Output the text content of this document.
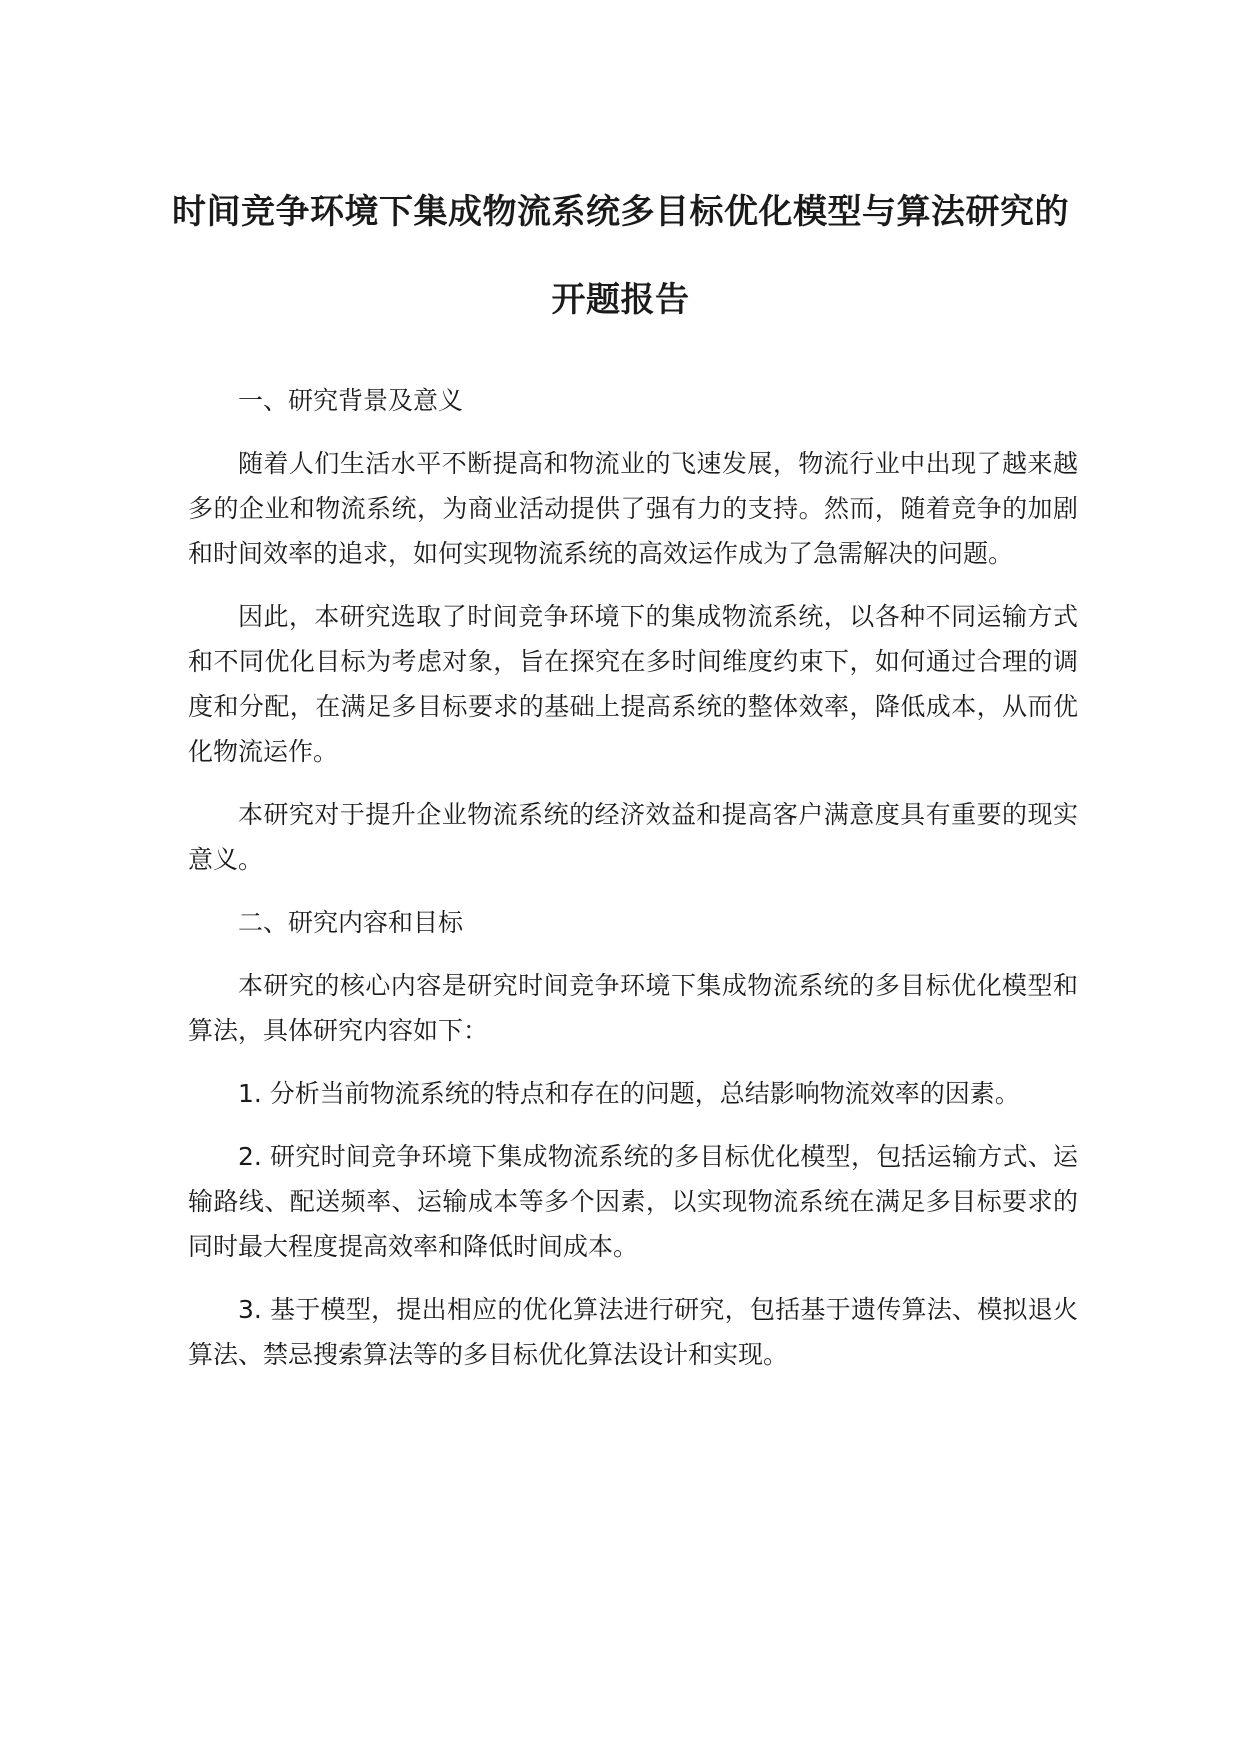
时间竞争环境下集成物流系统多目标优化模型与算法研究的开题报告

一、研究背景及意义

随着人们生活水平不断提高和物流业的飞速发展，物流行业中出现了越来越多的企业和物流系统，为商业活动提供了强有力的支持。然而，随着竞争的加剧和时间效率的追求，如何实现物流系统的高效运作成为了急需解决的问题。

因此，本研究选取了时间竞争环境下的集成物流系统，以各种不同运输方式和不同优化目标为考虑对象，旨在探究在多时间维度约束下，如何通过合理的调度和分配，在满足多目标要求的基础上提高系统的整体效率，降低成本，从而优化物流运作。

本研究对于提升企业物流系统的经济效益和提高客户满意度具有重要的现实意义。

二、研究内容和目标

本研究的核心内容是研究时间竞争环境下集成物流系统的多目标优化模型和算法，具体研究内容如下：

1. 分析当前物流系统的特点和存在的问题，总结影响物流效率的因素。

2. 研究时间竞争环境下集成物流系统的多目标优化模型，包括运输方式、运输路线、配送频率、运输成本等多个因素，以实现物流系统在满足多目标要求的同时最大程度提高效率和降低时间成本。

3. 基于模型，提出相应的优化算法进行研究，包括基于遗传算法、模拟退火算法、禁忌搜索算法等的多目标优化算法设计和实现。
